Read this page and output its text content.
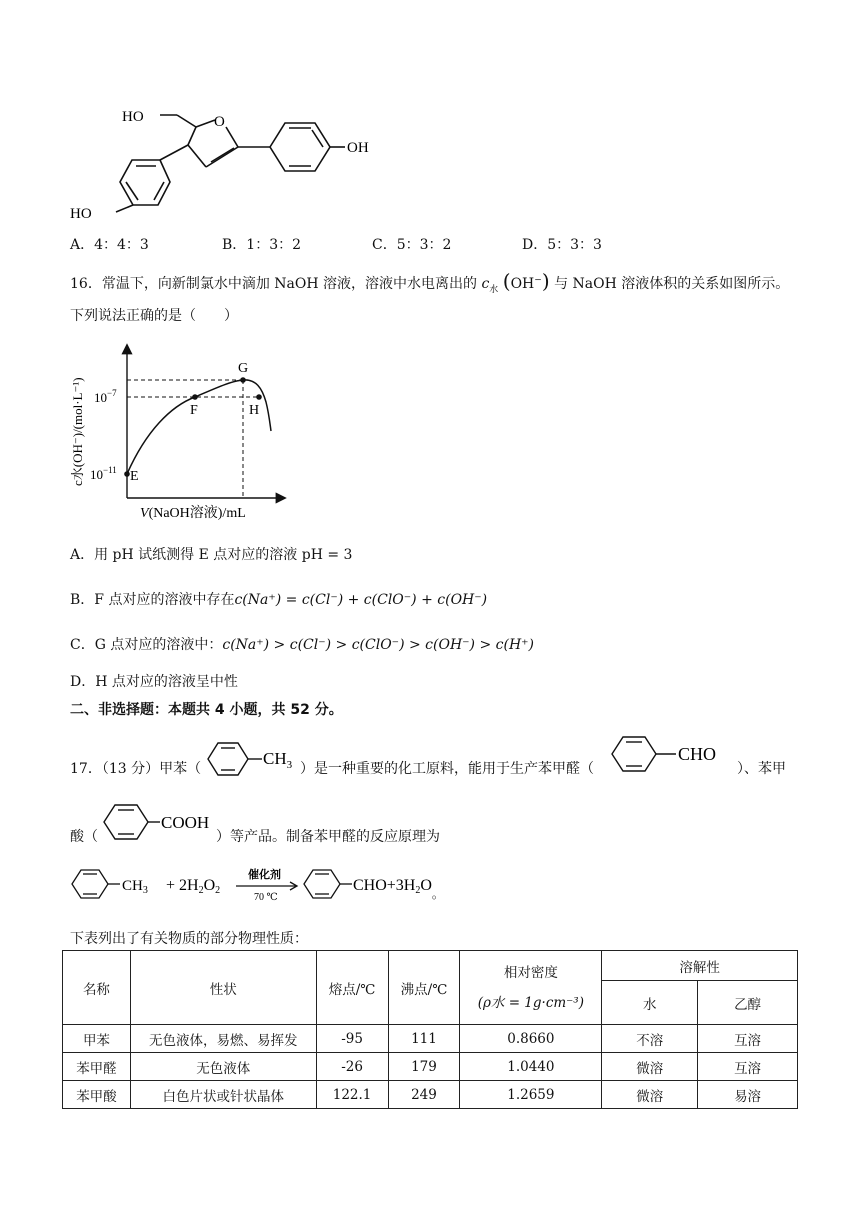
HO	O
OH
HO
A．4：4：3	B．1：3：2	C．5：3：2	D．5：3：3
16．常温下，向新制氯水中滴加 NaOH 溶液，溶液中水电离出的 $c_水$ (OH−) 与 NaOH 溶液体积的关系如图所示。
下列说法正确的是（　　）
E
F
G
H
$10^{-7}$
$10^{-11}$
c水(OH⁻)/(mol·L⁻¹)
V(NaOH溶液)/mL
A．用 pH 试纸测得 E 点对应的溶液 pH = 3
B．F 点对应的溶液中存在c(Na⁺) = c(Cl⁻) + c(ClO⁻) + c(OH⁻)
C．G 点对应的溶液中：c(Na⁺) > c(Cl⁻) > c(ClO⁻) > c(OH⁻) > c(H⁺)
D．H 点对应的溶液呈中性
二、非选择题：本题共 4 小题，共 52 分。
17．（13 分）甲苯（
$CH_3$ ）是一种重要的化工原料，能用于生产苯甲醛（
CHO
）、苯甲
酸（
COOH
）等产品。制备苯甲醛的反应原理为
$CH_3 + 2H2O2$
催化剂
70 ℃
$CHO+3H2O_。$
下表列出了有关物质的部分物理性质：
名称	性状	熔点/℃	沸点/℃	相对密度
(ρ水 = 1g·cm⁻³)	溶解性	
					水	乙醇
甲苯	无色液体，易燃、易挥发	-95	111	0.8660	不溶	互溶
苯甲醛	无色液体	-26	179	1.0440	微溶	互溶
苯甲酸	白色片状或针状晶体	122.1	249	1.2659	微溶	易溶
